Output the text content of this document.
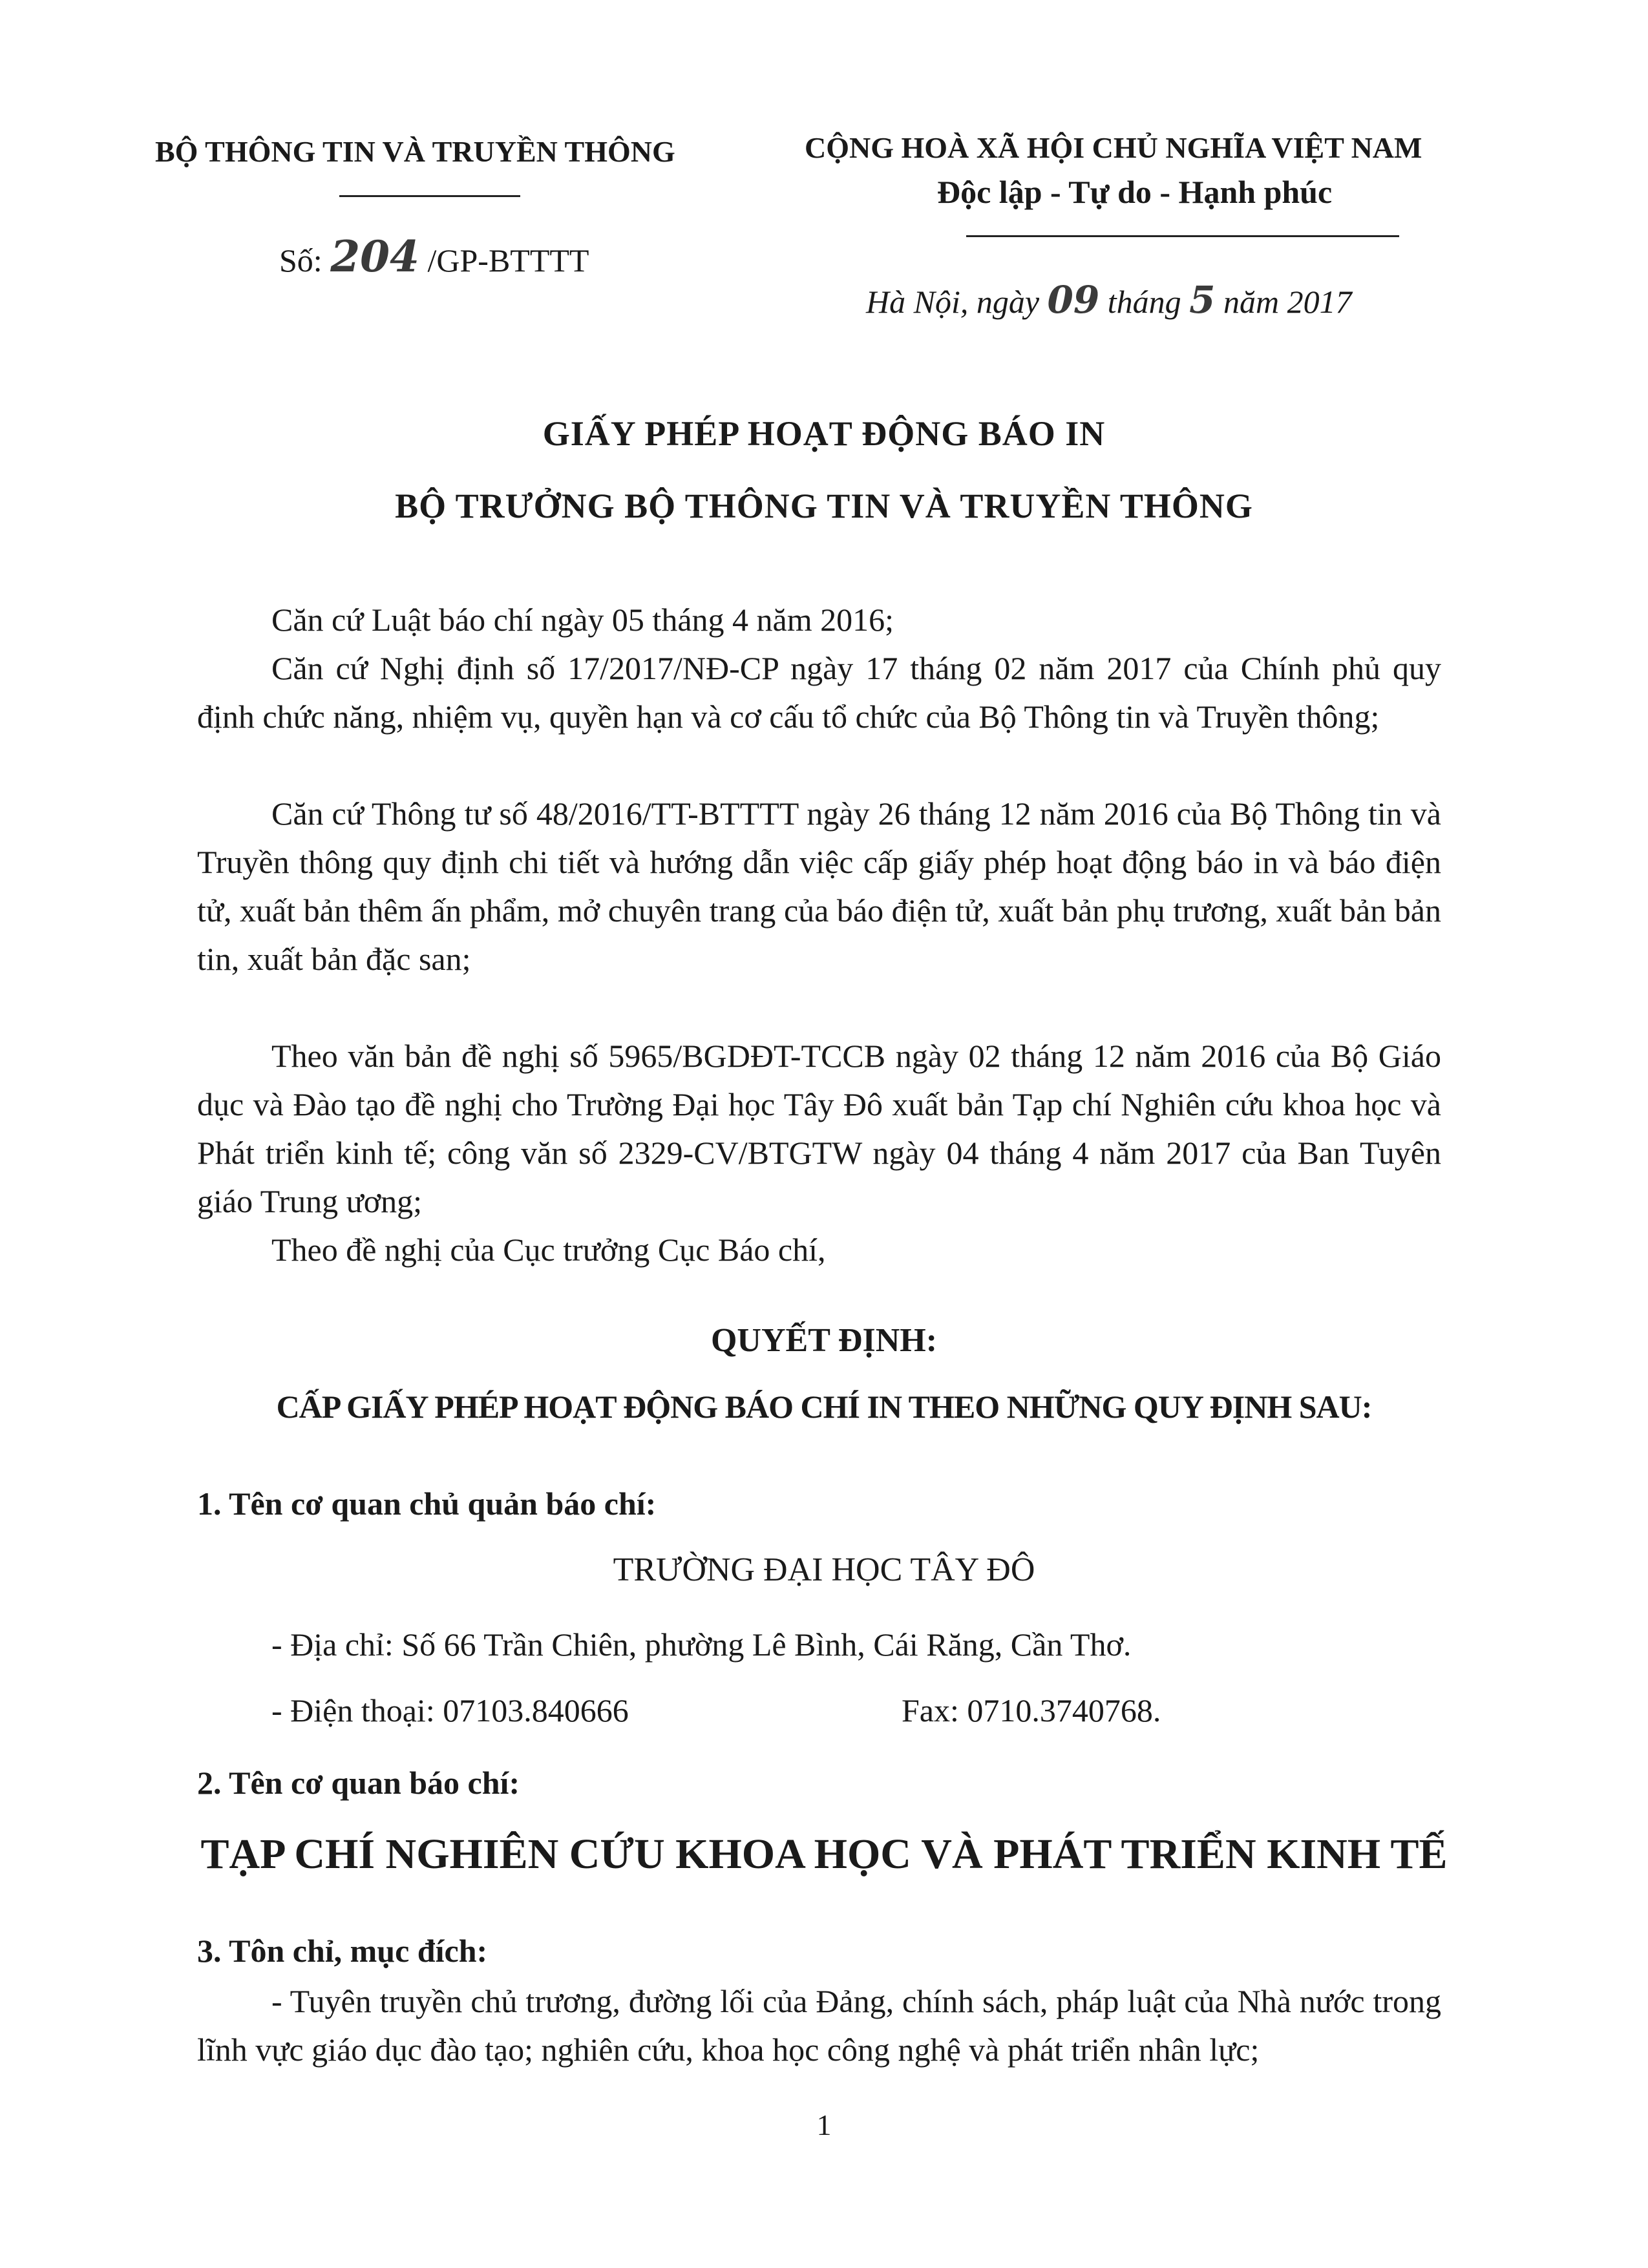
BỘ THÔNG TIN VÀ TRUYỀN THÔNG
Số: 204 /GP-BTTTT
CỘNG HOÀ XÃ HỘI CHỦ NGHĨA VIỆT NAM
Độc lập - Tự do - Hạnh phúc
Hà Nội, ngày 09 tháng 5 năm 2017
GIẤY PHÉP HOẠT ĐỘNG BÁO IN
BỘ TRƯỞNG BỘ THÔNG TIN VÀ TRUYỀN THÔNG
Căn cứ Luật báo chí ngày 05 tháng 4 năm 2016;
Căn cứ Nghị định số 17/2017/NĐ-CP ngày 17 tháng 02 năm 2017 của Chính phủ quy định chức năng, nhiệm vụ, quyền hạn và cơ cấu tổ chức của Bộ Thông tin và Truyền thông;
Căn cứ Thông tư số 48/2016/TT-BTTTT ngày 26 tháng 12 năm 2016 của Bộ Thông tin và Truyền thông quy định chi tiết và hướng dẫn việc cấp giấy phép hoạt động báo in và báo điện tử, xuất bản thêm ấn phẩm, mở chuyên trang của báo điện tử, xuất bản phụ trương, xuất bản bản tin, xuất bản đặc san;
Theo văn bản đề nghị số 5965/BGDĐT-TCCB ngày 02 tháng 12 năm 2016 của Bộ Giáo dục và Đào tạo đề nghị cho Trường Đại học Tây Đô xuất bản Tạp chí Nghiên cứu khoa học và Phát triển kinh tế; công văn số 2329-CV/BTGTW ngày 04 tháng 4 năm 2017 của Ban Tuyên giáo Trung ương;
Theo đề nghị của Cục trưởng Cục Báo chí,
QUYẾT ĐỊNH:
CẤP GIẤY PHÉP HOẠT ĐỘNG BÁO CHÍ IN THEO NHỮNG QUY ĐỊNH SAU:
1. Tên cơ quan chủ quản báo chí:
TRƯỜNG ĐẠI HỌC TÂY ĐÔ
- Địa chỉ: Số 66 Trần Chiên, phường Lê Bình, Cái Răng, Cần Thơ.
- Điện thoại: 07103.840666	Fax: 0710.3740768.
2. Tên cơ quan báo chí:
TẠP CHÍ NGHIÊN CỨU KHOA HỌC VÀ PHÁT TRIỂN KINH TẾ
3. Tôn chỉ, mục đích:
- Tuyên truyền chủ trương, đường lối của Đảng, chính sách, pháp luật của Nhà nước trong lĩnh vực giáo dục đào tạo; nghiên cứu, khoa học công nghệ và phát triển nhân lực;
1
